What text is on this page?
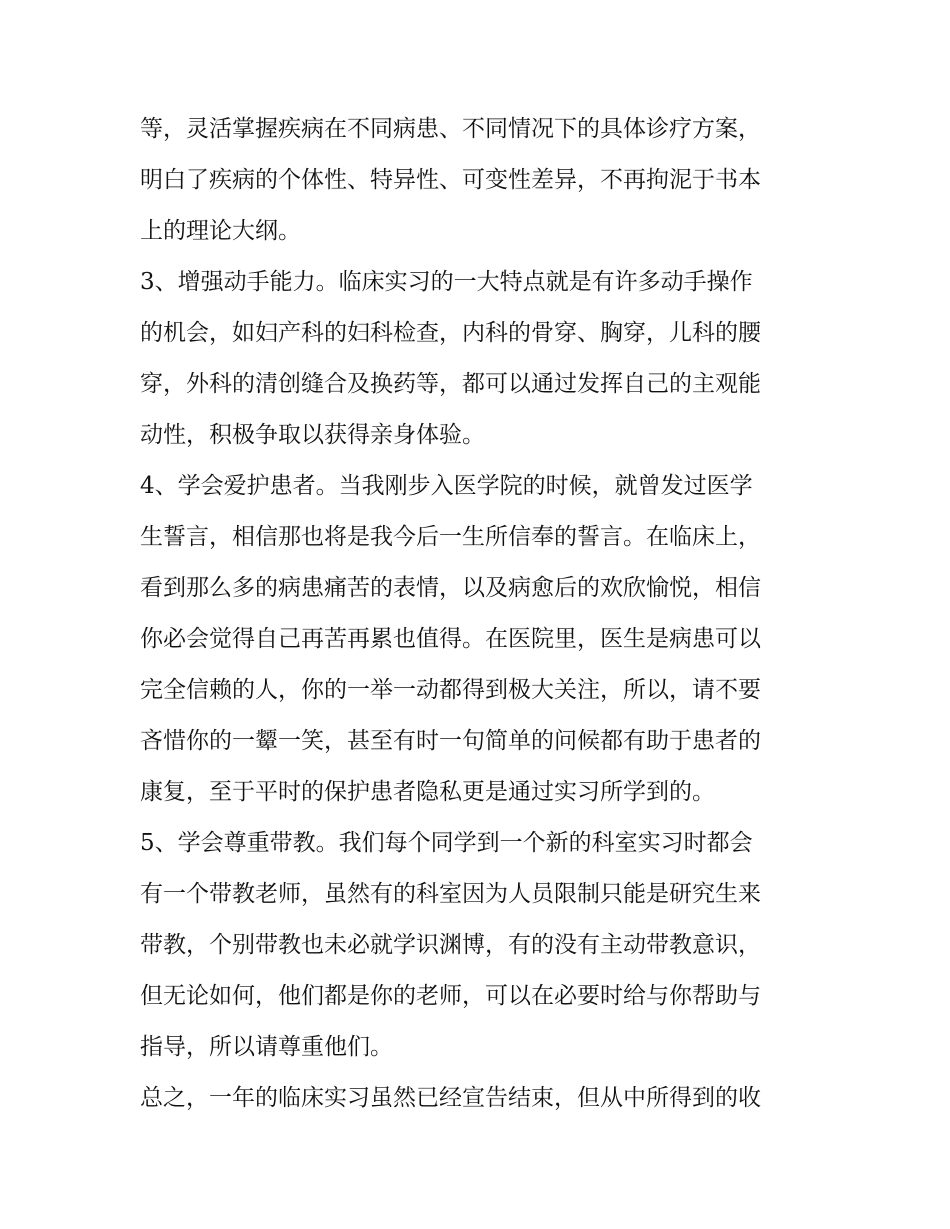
等，灵活掌握疾病在不同病患、不同情况下的具体诊疗方案，
明白了疾病的个体性、特异性、可变性差异，不再拘泥于书本
上的理论大纲。
3、增强动手能力。临床实习的一大特点就是有许多动手操作
的机会，如妇产科的妇科检查，内科的骨穿、胸穿，儿科的腰
穿，外科的清创缝合及换药等，都可以通过发挥自己的主观能
动性，积极争取以获得亲身体验。
4、学会爱护患者。当我刚步入医学院的时候，就曾发过医学
生誓言，相信那也将是我今后一生所信奉的誓言。在临床上，
看到那么多的病患痛苦的表情，以及病愈后的欢欣愉悦，相信
你必会觉得自己再苦再累也值得。在医院里，医生是病患可以
完全信赖的人，你的一举一动都得到极大关注，所以，请不要
吝惜你的一颦一笑，甚至有时一句简单的问候都有助于患者的
康复，至于平时的保护患者隐私更是通过实习所学到的。
5、学会尊重带教。我们每个同学到一个新的科室实习时都会
有一个带教老师，虽然有的科室因为人员限制只能是研究生来
带教，个别带教也未必就学识渊博，有的没有主动带教意识，
但无论如何，他们都是你的老师，可以在必要时给与你帮助与
指导，所以请尊重他们。
总之，一年的临床实习虽然已经宣告结束，但从中所得到的收
